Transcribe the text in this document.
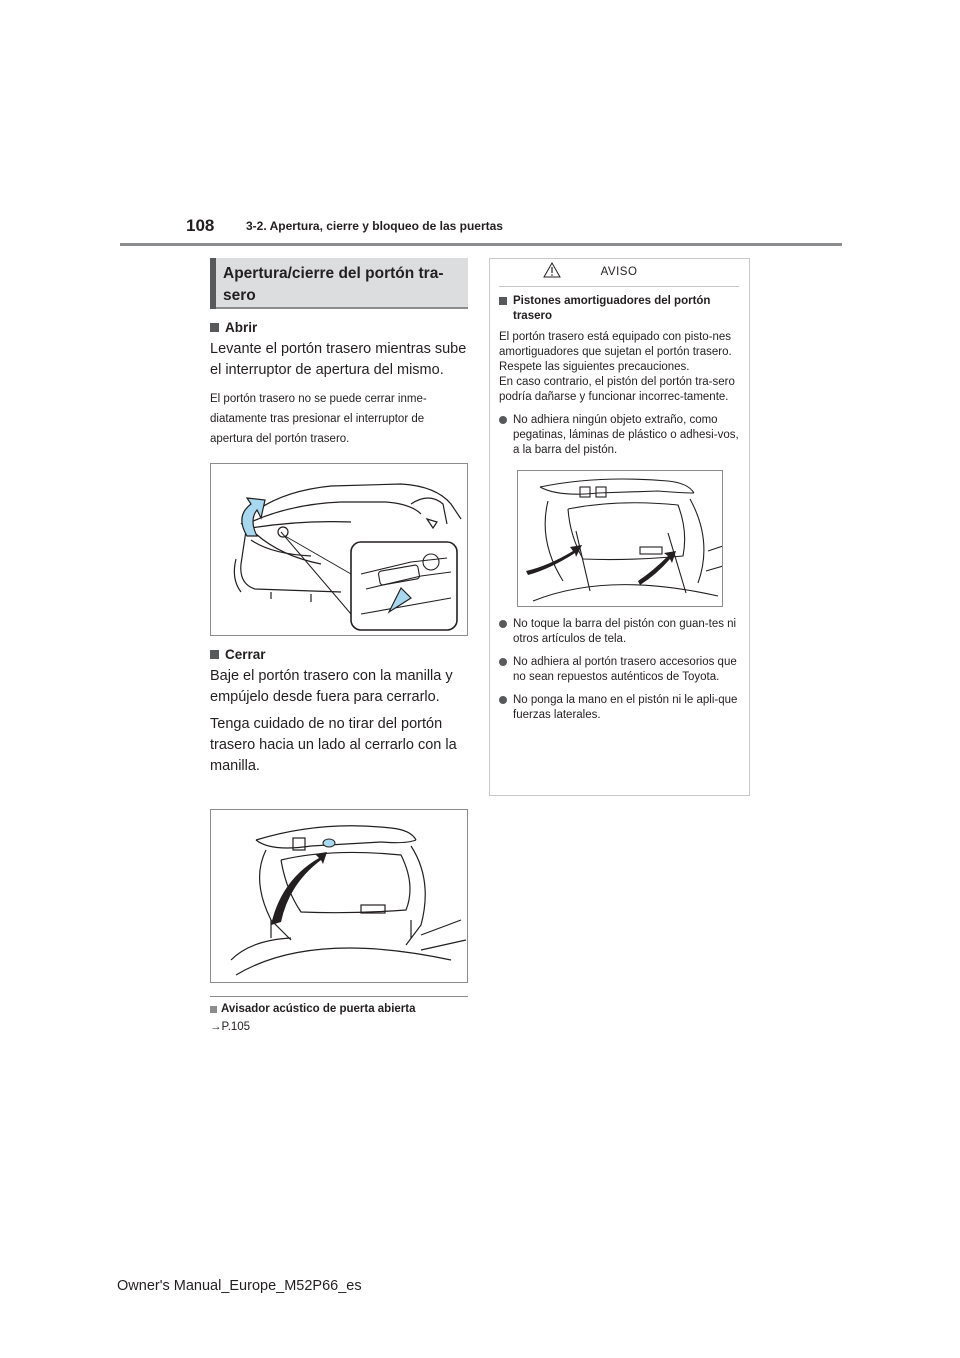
108	3-2. Apertura, cierre y bloqueo de las puertas
Apertura/cierre del portón tra-sero
Abrir
Levante el portón trasero mientras sube el interruptor de apertura del mismo.
El portón trasero no se puede cerrar inme-diatamente tras presionar el interruptor de apertura del portón trasero.
Cerrar
Baje el portón trasero con la manilla y empújelo desde fuera para cerrarlo.
Tenga cuidado de no tirar del portón trasero hacia un lado al cerrarlo con la manilla.
Avisador acústico de puerta abierta
→P.105
AVISO
Pistones amortiguadores del portón trasero
El portón trasero está equipado con pisto-nes amortiguadores que sujetan el portón trasero.
Respete las siguientes precauciones.
En caso contrario, el pistón del portón tra-sero podría dañarse y funcionar incorrec-tamente.
No adhiera ningún objeto extraño, como pegatinas, láminas de plástico o adhesi-vos, a la barra del pistón.
No toque la barra del pistón con guan-tes ni otros artículos de tela.
No adhiera al portón trasero accesorios que no sean repuestos auténticos de Toyota.
No ponga la mano en el pistón ni le apli-que fuerzas laterales.
Owner's Manual_Europe_M52P66_es
